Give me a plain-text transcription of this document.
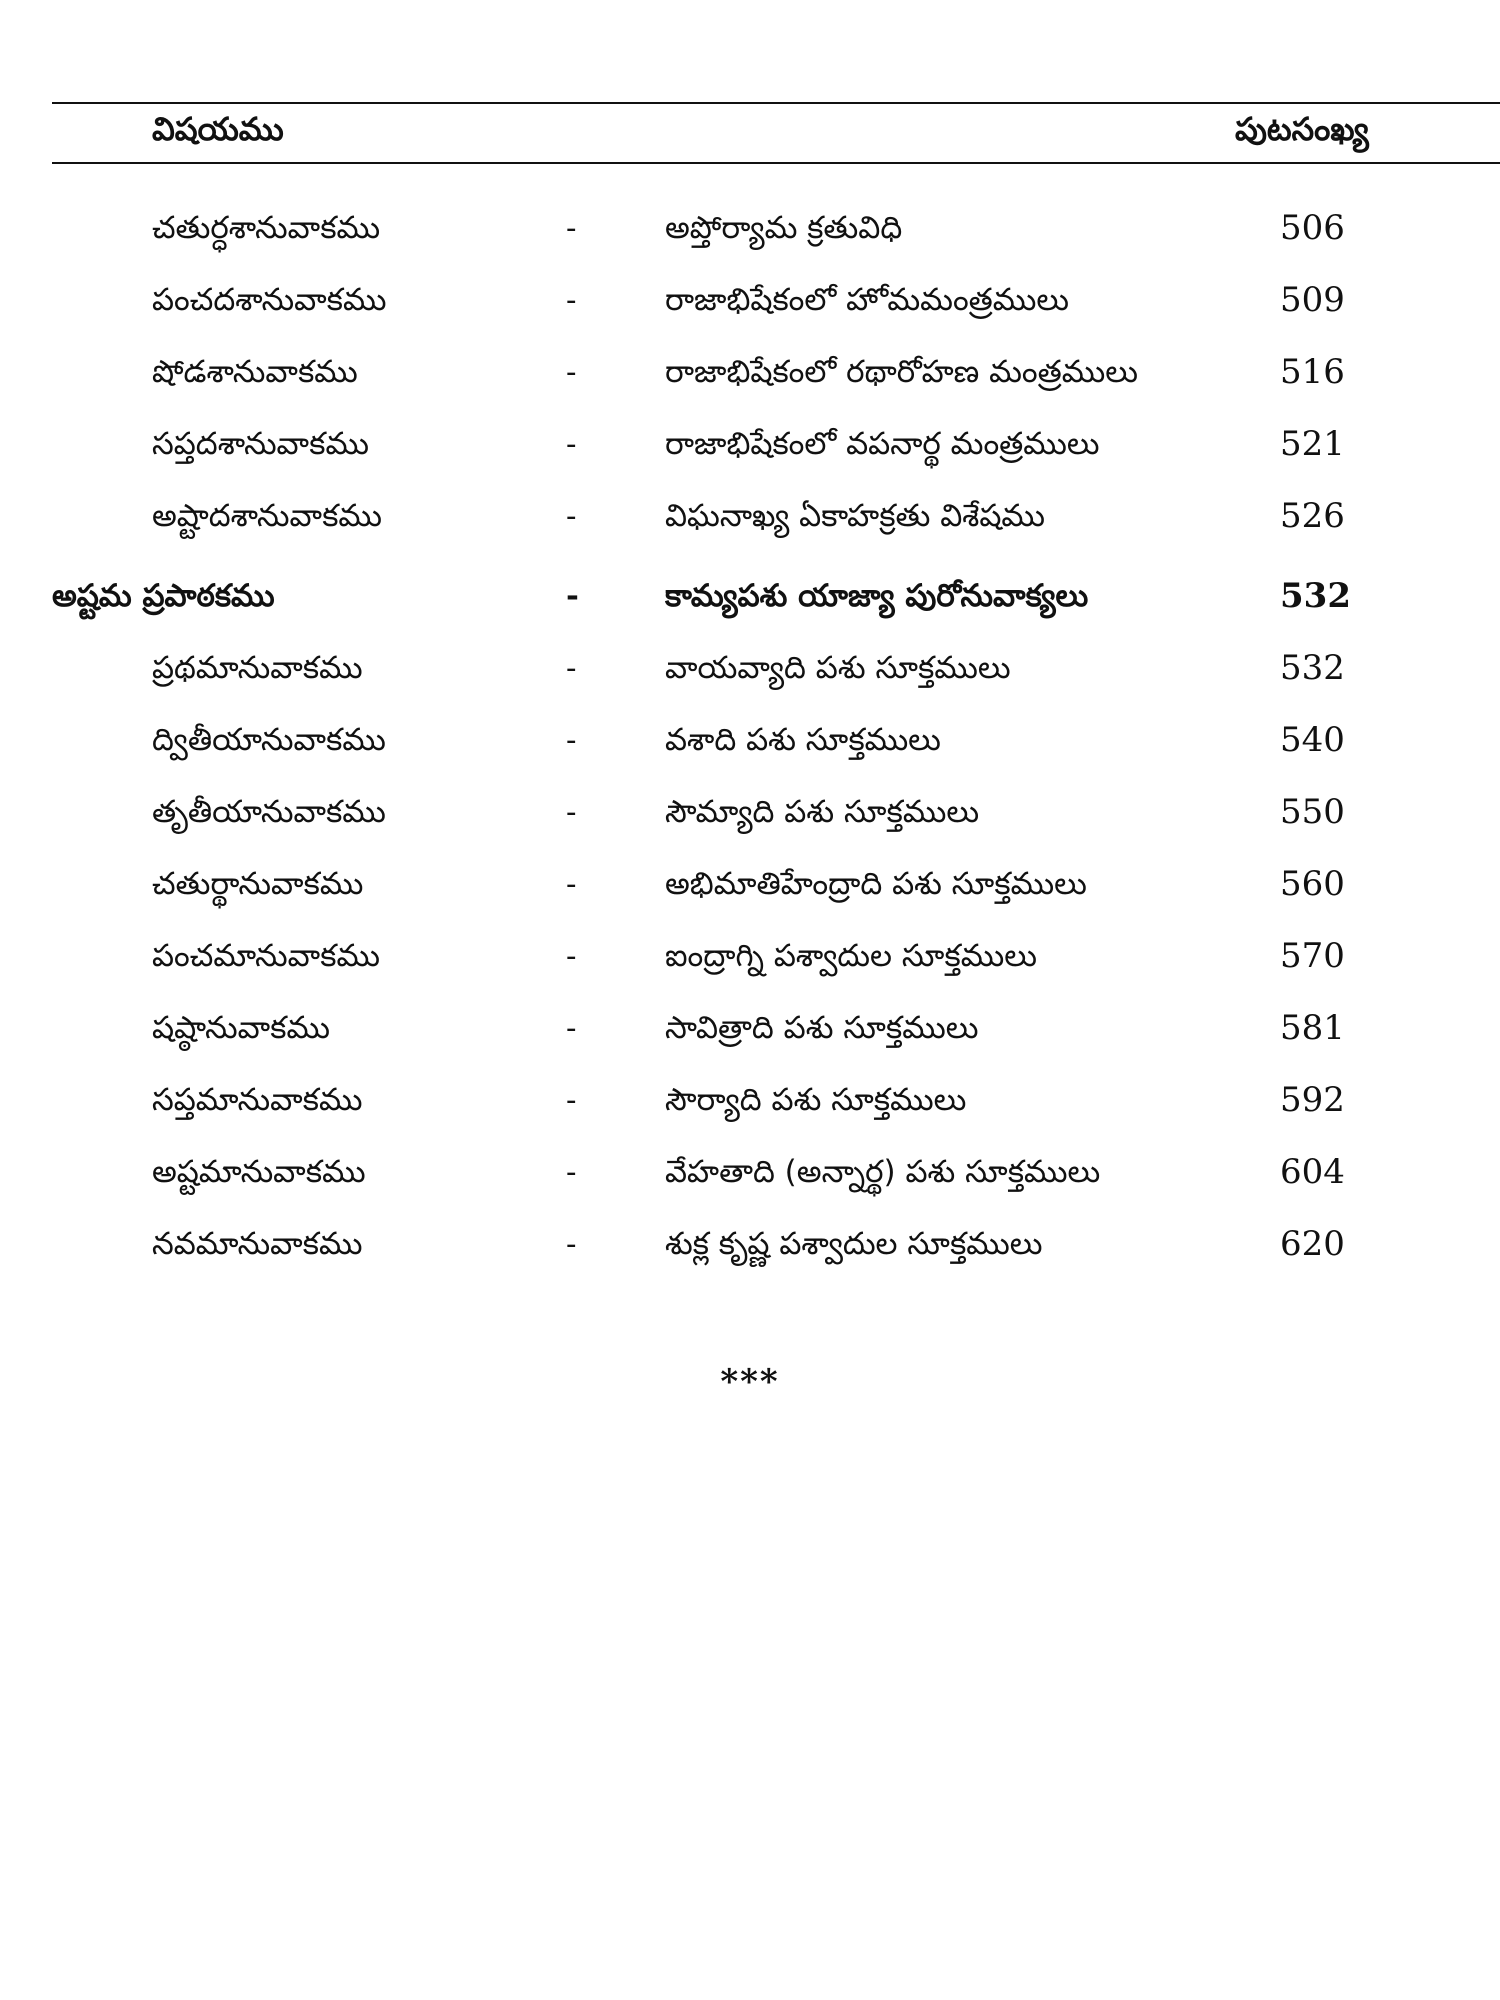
విషయము	పుటసంఖ్య
చతుర్ధశానువాకము	-	అప్తోర్యామ క్రతువిధి	506
పంచదశానువాకము	-	రాజాభిషేకంలో హోమమంత్రములు	509
షోడశానువాకము	-	రాజాభిషేకంలో రథారోహణ మంత్రములు	516
సప్తదశానువాకము	-	రాజాభిషేకంలో వపనార్థ మంత్రములు	521
అష్టాదశానువాకము	-	విఘనాఖ్య ఏకాహక్రతు విశేషము	526
అష్టమ ప్రపాఠకము	-	కామ్యపశు యాజ్యా పురోనువాక్యలు	532
ప్రథమానువాకము	-	వాయవ్యాది పశు సూక్తములు	532
ద్వితీయానువాకము	-	వశాది పశు సూక్తములు	540
తృతీయానువాకము	-	సౌమ్యాది పశు సూక్తములు	550
చతుర్థానువాకము	-	అభిమాతిహేంద్రాది పశు సూక్తములు	560
పంచమానువాకము	-	ఐంద్రాగ్ని పశ్వాదుల సూక్తములు	570
షష్ఠానువాకము	-	సావిత్రాది పశు సూక్తములు	581
సప్తమానువాకము	-	సౌర్యాది పశు సూక్తములు	592
అష్టమానువాకము	-	వేహతాది (అన్నార్థ) పశు సూక్తములు	604
నవమానువాకము	-	శుక్ల కృష్ణ పశ్వాదుల సూక్తములు	620
***
